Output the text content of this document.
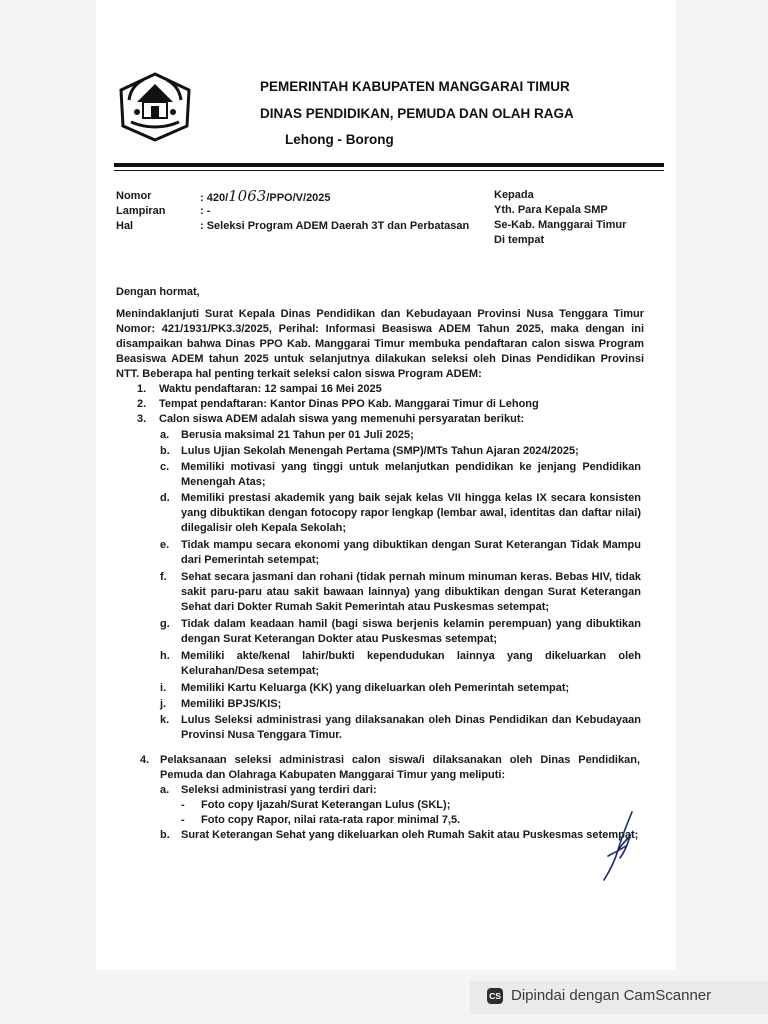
PEMERINTAH KABUPATEN MANGGARAI TIMUR
DINAS PENDIDIKAN, PEMUDA DAN OLAH RAGA
Lehong - Borong
Nomor	: 420/1063/PPO/V/2025
Lampiran	: -
Hal	: Seleksi Program ADEM Daerah 3T dan Perbatasan
Kepada
Yth. Para Kepala SMP
Se-Kab. Manggarai Timur
Di tempat
Dengan hormat,
Menindaklanjuti Surat Kepala Dinas Pendidikan dan Kebudayaan Provinsi Nusa Tenggara Timur Nomor: 421/1931/PK3.3/2025, Perihal: Informasi Beasiswa ADEM Tahun 2025, maka dengan ini disampaikan bahwa Dinas PPO Kab. Manggarai Timur membuka pendaftaran calon siswa Program Beasiswa ADEM tahun 2025 untuk selanjutnya dilakukan seleksi oleh Dinas Pendidikan Provinsi NTT. Beberapa hal penting terkait seleksi calon siswa Program ADEM:
1. Waktu pendaftaran: 12 sampai 16 Mei 2025
2. Tempat pendaftaran: Kantor Dinas PPO Kab. Manggarai Timur di Lehong
3. Calon siswa ADEM adalah siswa yang memenuhi persyaratan berikut:
a. Berusia maksimal 21 Tahun per 01 Juli 2025;
b. Lulus Ujian Sekolah Menengah Pertama (SMP)/MTs Tahun Ajaran 2024/2025;
c. Memiliki motivasi yang tinggi untuk melanjutkan pendidikan ke jenjang Pendidikan Menengah Atas;
d. Memiliki prestasi akademik yang baik sejak kelas VII hingga kelas IX secara konsisten yang dibuktikan dengan fotocopy rapor lengkap (lembar awal, identitas dan daftar nilai) dilegalisir oleh Kepala Sekolah;
e. Tidak mampu secara ekonomi yang dibuktikan dengan Surat Keterangan Tidak Mampu dari Pemerintah setempat;
f. Sehat secara jasmani dan rohani (tidak pernah minum minuman keras. Bebas HIV, tidak sakit paru-paru atau sakit bawaan lainnya) yang dibuktikan dengan Surat Keterangan Sehat dari Dokter Rumah Sakit Pemerintah atau Puskesmas setempat;
g. Tidak dalam keadaan hamil (bagi siswa berjenis kelamin perempuan) yang dibuktikan dengan Surat Keterangan Dokter atau Puskesmas setempat;
h. Memiliki akte/kenal lahir/bukti kependudukan lainnya yang dikeluarkan oleh Kelurahan/Desa setempat;
i. Memiliki Kartu Keluarga (KK) yang dikeluarkan oleh Pemerintah setempat;
j. Memiliki BPJS/KIS;
k. Lulus Seleksi administrasi yang dilaksanakan oleh Dinas Pendidikan dan Kebudayaan Provinsi Nusa Tenggara Timur.
4. Pelaksanaan seleksi administrasi calon siswa/i dilaksanakan oleh Dinas Pendidikan, Pemuda dan Olahraga Kabupaten Manggarai Timur yang meliputi:
a. Seleksi administrasi yang terdiri dari:
- Foto copy Ijazah/Surat Keterangan Lulus (SKL);
- Foto copy Rapor, nilai rata-rata rapor minimal 7,5.
b. Surat Keterangan Sehat yang dikeluarkan oleh Rumah Sakit atau Puskesmas setempat;
CS Dipindai dengan CamScanner
